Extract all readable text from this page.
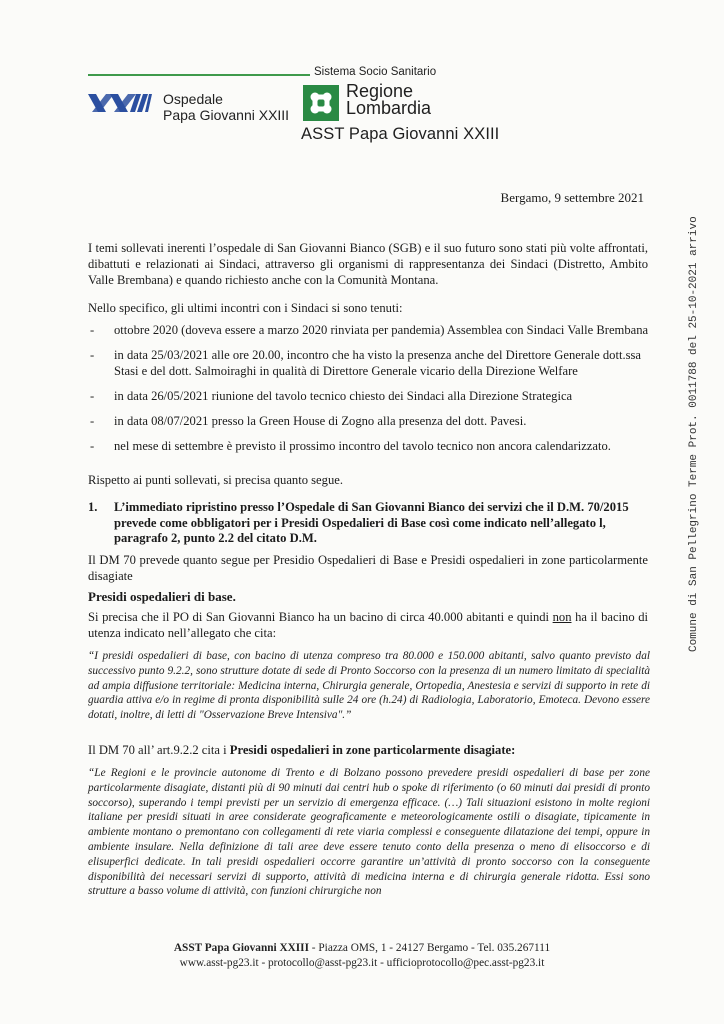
Sistema Socio Sanitario
Ospedale
Papa Giovanni XXIII
Regione
Lombardia
ASST Papa Giovanni XXIII
Bergamo, 9 settembre 2021
I temi sollevati inerenti l’ospedale di San Giovanni Bianco (SGB) e il suo futuro sono stati più volte affrontati, dibattuti e relazionati ai Sindaci, attraverso gli organismi di rappresentanza dei Sindaci (Distretto, Ambito Valle Brembana) e quando richiesto anche con la Comunità Montana.
Nello specifico, gli ultimi incontri con i Sindaci si sono tenuti:
- ottobre 2020 (doveva essere a marzo 2020 rinviata per pandemia) Assemblea con Sindaci Valle Brembana
- in data 25/03/2021 alle ore 20.00, incontro che ha visto la presenza anche del Direttore Generale dott.ssa Stasi e del dott. Salmoiraghi in qualità di Direttore Generale vicario della Direzione Welfare
- in data 26/05/2021 riunione del tavolo tecnico chiesto dei Sindaci alla Direzione Strategica
- in data 08/07/2021 presso la Green House di Zogno alla presenza del dott. Pavesi.
- nel mese di settembre è previsto il prossimo incontro del tavolo tecnico non ancora calendarizzato.
Rispetto ai punti sollevati, si precisa quanto segue.
1. L’immediato ripristino presso l’Ospedale di San Giovanni Bianco dei servizi che il D.M. 70/2015 prevede come obbligatori per i Presidi Ospedalieri di Base così come indicato nell’allegato l, paragrafo 2, punto 2.2 del citato D.M.
Il DM 70 prevede quanto segue per Presidio Ospedalieri di Base e Presidi ospedalieri in zone particolarmente disagiate
Presidi ospedalieri di base.
Si precisa che il PO di San Giovanni Bianco ha un bacino di circa 40.000 abitanti e quindi non ha il bacino di utenza indicato nell’allegato che cita:
“I presidi ospedalieri di base, con bacino di utenza compreso tra 80.000 e 150.000 abitanti, salvo quanto previsto dal successivo punto 9.2.2, sono strutture dotate di sede di Pronto Soccorso con la presenza di un numero limitato di specialità ad ampia diffusione territoriale: Medicina interna, Chirurgia generale, Ortopedia, Anestesia e servizi di supporto in rete di guardia attiva e/o in regime di pronta disponibilità sulle 24 ore (h.24) di Radiologia, Laboratorio, Emoteca. Devono essere dotati, inoltre, di letti di "Osservazione Breve Intensiva".”
Il DM 70 all’ art.9.2.2 cita i Presidi ospedalieri in zone particolarmente disagiate:
“Le Regioni e le provincie autonome di Trento e di Bolzano possono prevedere presidi ospedalieri di base per zone particolarmente disagiate, distanti più di 90 minuti dai centri hub o spoke di riferimento (o 60 minuti dai presidi di pronto soccorso), superando i tempi previsti per un servizio di emergenza efficace. (…) Tali situazioni esistono in molte regioni italiane per presidi situati in aree considerate geograficamente e meteorologicamente ostili o disagiate, tipicamente in ambiente montano o premontano con collegamenti di rete viaria complessi e conseguente dilatazione dei tempi, oppure in ambiente insulare. Nella definizione di tali aree deve essere tenuto conto della presenza o meno di elisoccorso e di elisuperfici dedicate. In tali presidi ospedalieri occorre garantire un’attività di pronto soccorso con la conseguente disponibilità dei necessari servizi di supporto, attività di medicina interna e di chirurgia generale ridotta. Essi sono strutture a basso volume di attività, con funzioni chirurgiche non
Comune di San Pellegrino Terme Prot. 0011788 del 25-10-2021 arrivo
ASST Papa Giovanni XXIII - Piazza OMS, 1 - 24127 Bergamo - Tel. 035.267111
www.asst-pg23.it - protocollo@asst-pg23.it - ufficioprotocollo@pec.asst-pg23.it
